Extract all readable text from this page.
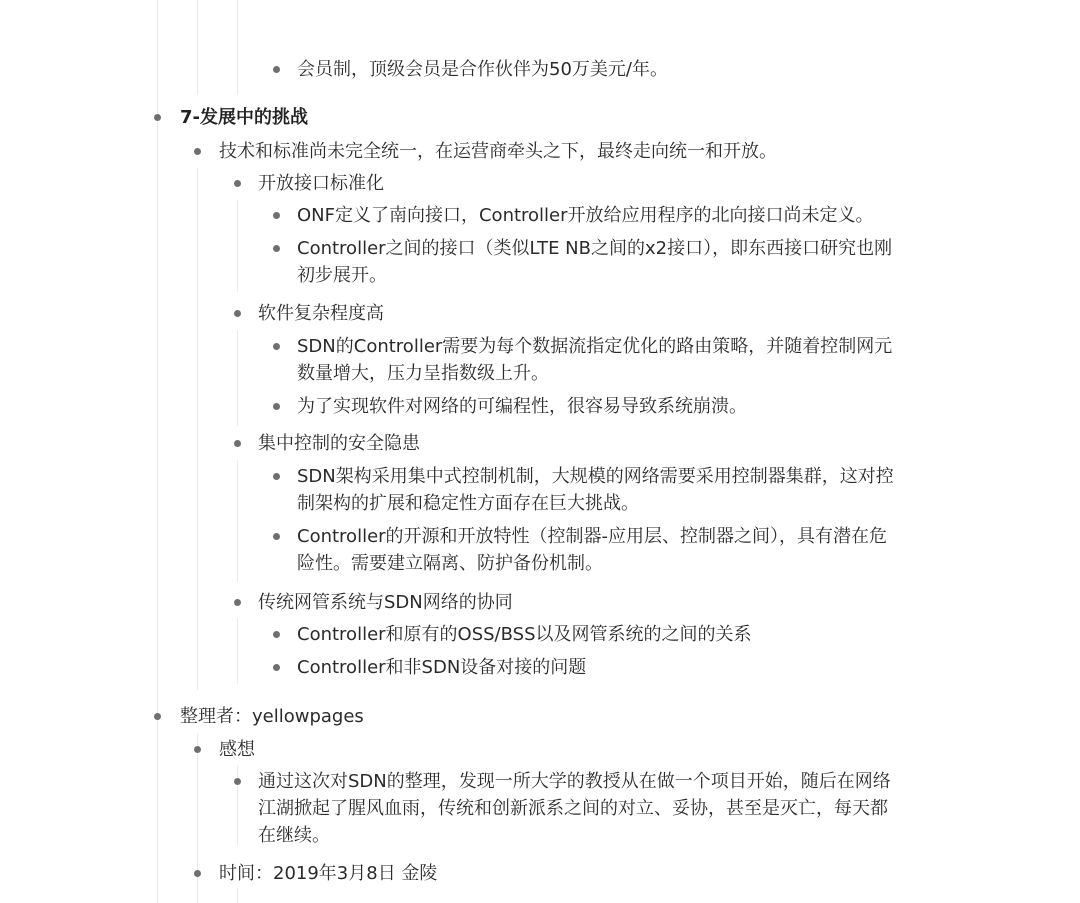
会员制，顶级会员是合作伙伴为50万美元/年。
7-发展中的挑战
技术和标准尚未完全统一，在运营商牵头之下，最终走向统一和开放。
开放接口标准化
ONF定义了南向接口，Controller开放给应用程序的北向接口尚未定义。
Controller之间的接口（类似LTE NB之间的x2接口），即东西接口研究也刚
初步展开。
软件复杂程度高
SDN的Controller需要为每个数据流指定优化的路由策略，并随着控制网元
数量增大，压力呈指数级上升。
为了实现软件对网络的可编程性，很容易导致系统崩溃。
集中控制的安全隐患
SDN架构采用集中式控制机制，大规模的网络需要采用控制器集群，这对控
制架构的扩展和稳定性方面存在巨大挑战。
Controller的开源和开放特性（控制器-应用层、控制器之间），具有潜在危
险性。需要建立隔离、防护备份机制。
传统网管系统与SDN网络的协同
Controller和原有的OSS/BSS以及网管系统的之间的关系
Controller和非SDN设备对接的问题
整理者：yellowpages
感想
通过这次对SDN的整理，发现一所大学的教授从在做一个项目开始，随后在网络
江湖掀起了腥风血雨，传统和创新派系之间的对立、妥协，甚至是灭亡，每天都
在继续。
时间：2019年3月8日 金陵
